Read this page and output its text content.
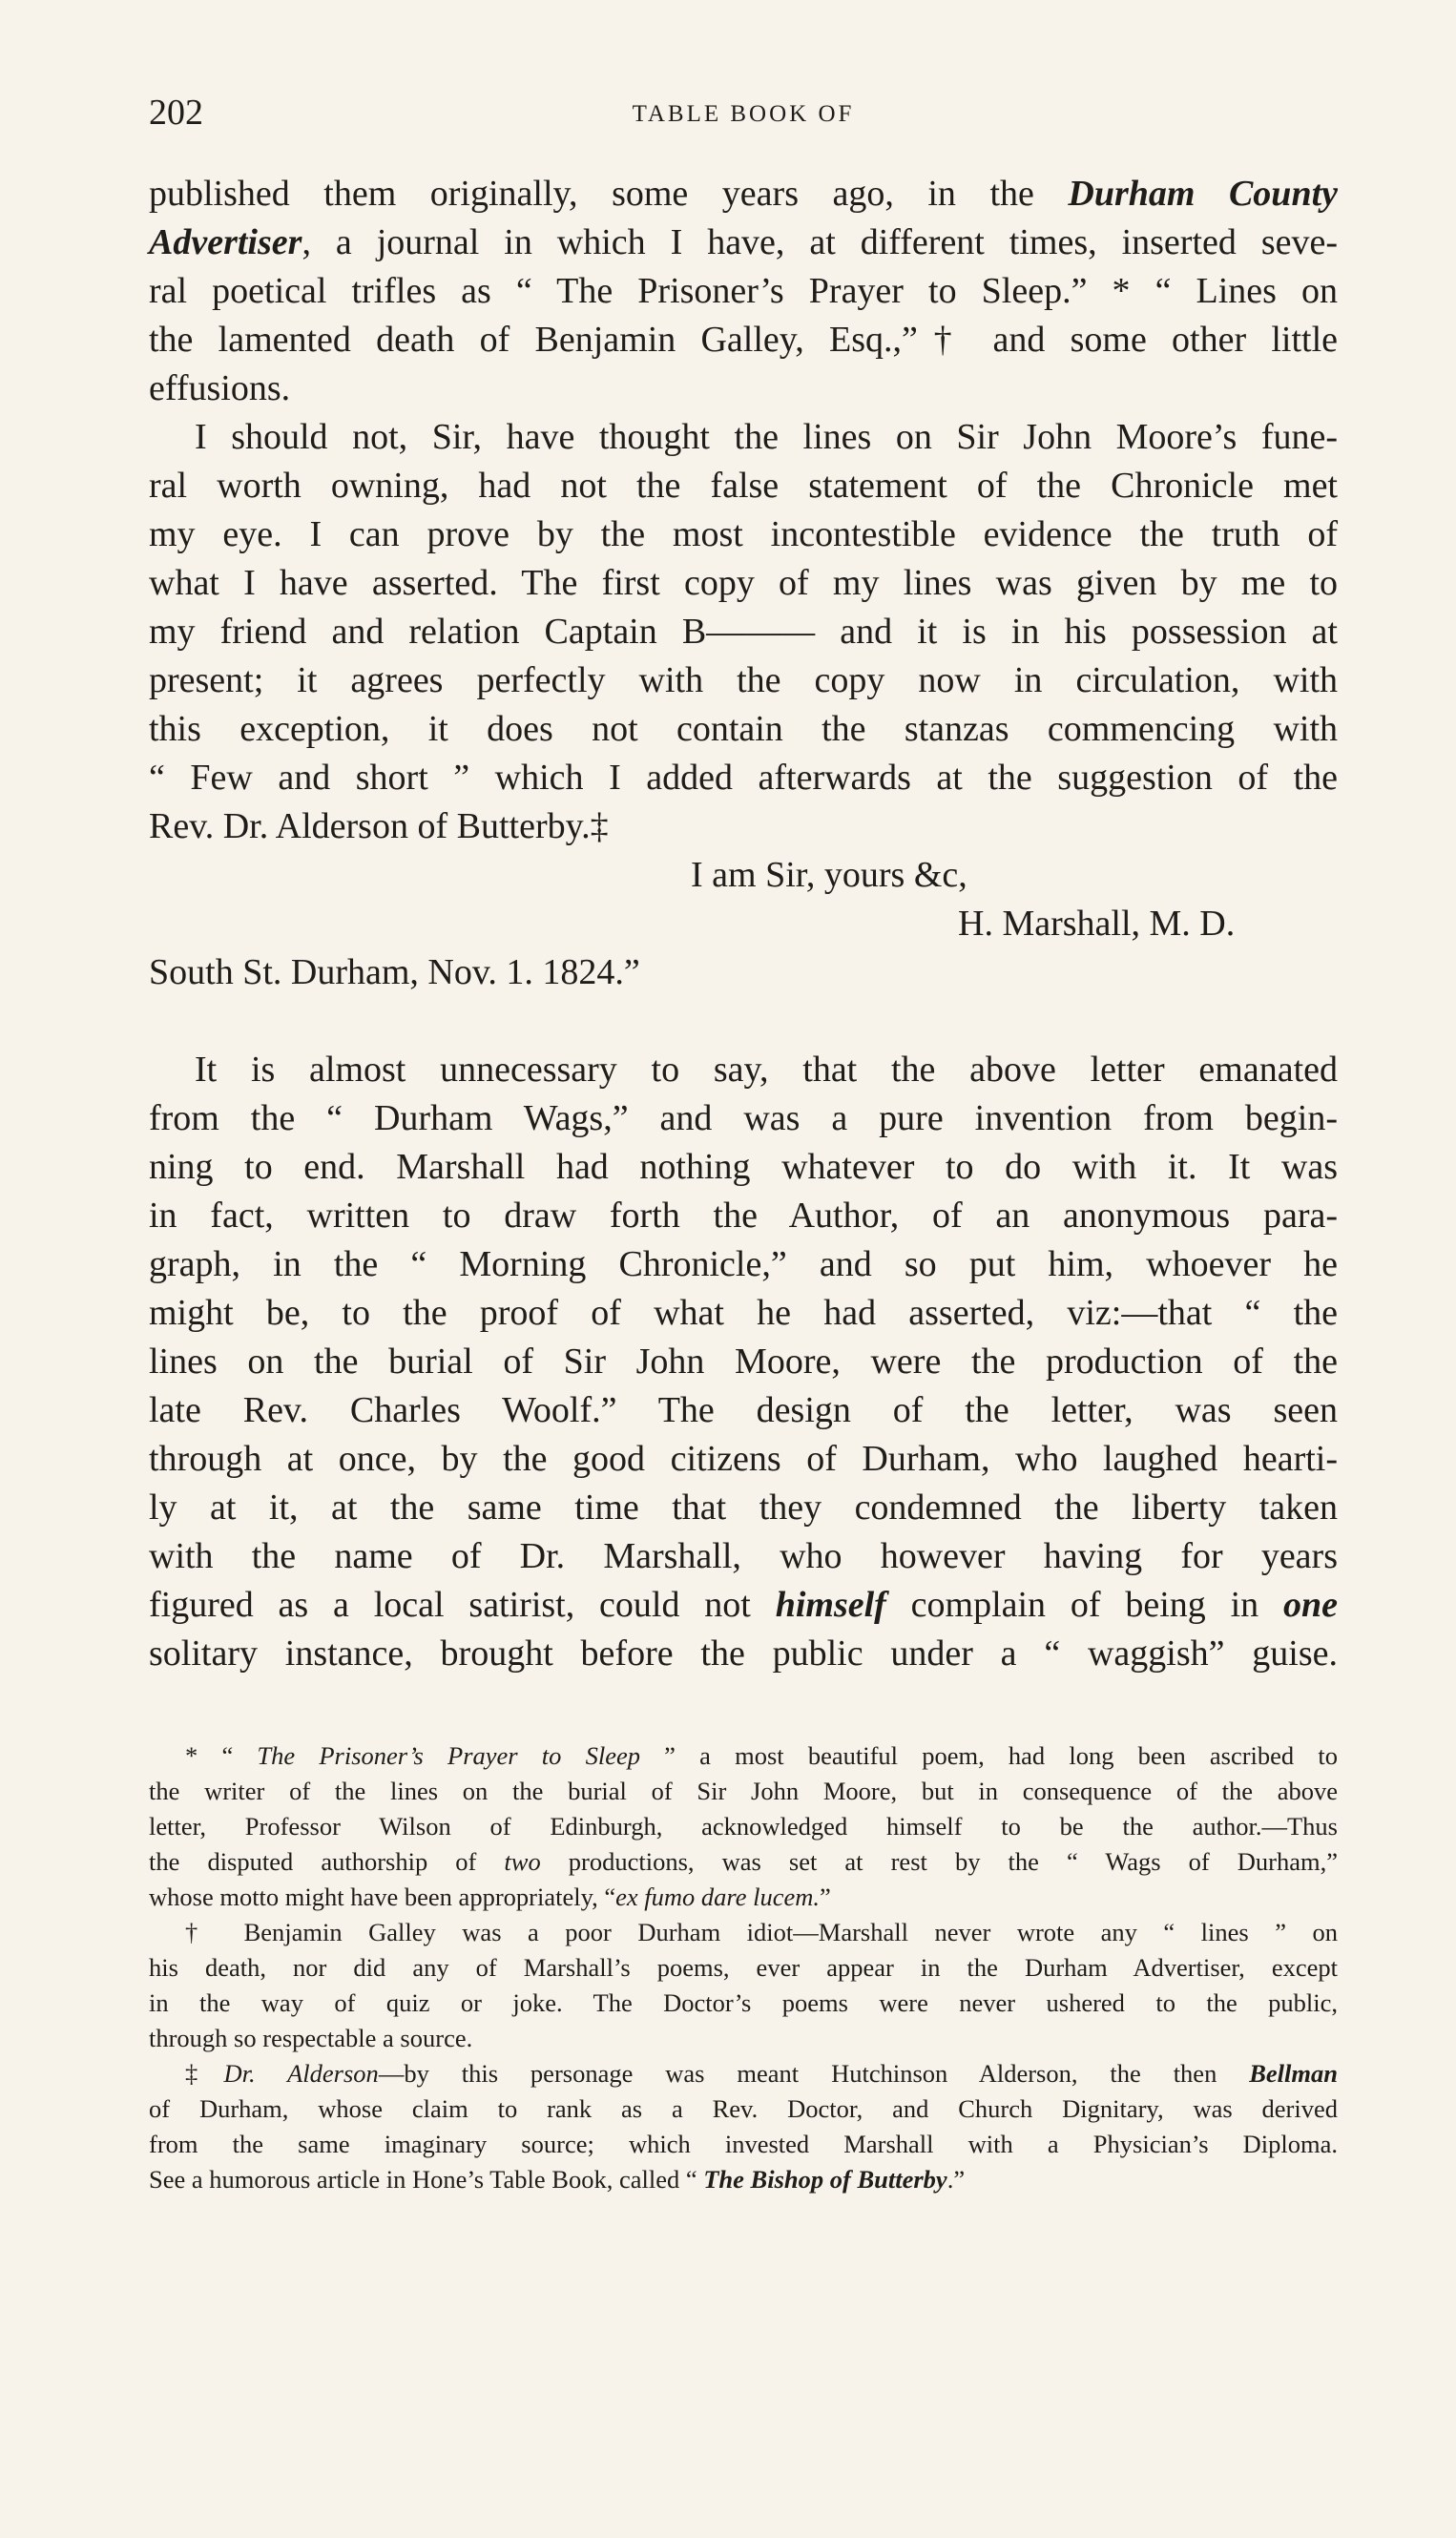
202	TABLE BOOK OF
published them originally, some years ago, in the Durham County
Advertiser, a journal in which I have, at different times, inserted seve-
ral poetical trifles as “ The Prisoner’s Prayer to Sleep.” * “ Lines on
the lamented death of Benjamin Galley, Esq.,”† and some other little
effusions.
I should not, Sir, have thought the lines on Sir John Moore’s fune-
ral worth owning, had not the false statement of the Chronicle met
my eye. I can prove by the most incontestible evidence the truth of
what I have asserted. The first copy of my lines was given by me to
my friend and relation Captain B——— and it is in his possession at
present; it agrees perfectly with the copy now in circulation, with
this exception, it does not contain the stanzas commencing with
“ Few and short ” which I added afterwards at the suggestion of the
Rev. Dr. Alderson of Butterby.‡
I am Sir, yours &c,
H. Marshall, M. D.
South St. Durham, Nov. 1. 1824.”
It is almost unnecessary to say, that the above letter emanated
from the “ Durham Wags,” and was a pure invention from begin-
ning to end. Marshall had nothing whatever to do with it. It was
in fact, written to draw forth the Author, of an anonymous para-
graph, in the “ Morning Chronicle,” and so put him, whoever he
might be, to the proof of what he had asserted, viz:—that “ the
lines on the burial of Sir John Moore, were the production of the
late Rev. Charles Woolf.” The design of the letter, was seen
through at once, by the good citizens of Durham, who laughed hearti-
ly at it, at the same time that they condemned the liberty taken
with the name of Dr. Marshall, who however having for years
figured as a local satirist, could not himself complain of being in one
solitary instance, brought before the public under a “ waggish” guise.
* “ The Prisoner’s Prayer to Sleep ” a most beautiful poem, had long been ascribed to
the writer of the lines on the burial of Sir John Moore, but in consequence of the above
letter, Professor Wilson of Edinburgh, acknowledged himself to be the author.—Thus
the disputed authorship of two productions, was set at rest by the “ Wags of Durham,”
whose motto might have been appropriately, “ex fumo dare lucem.”
† Benjamin Galley was a poor Durham idiot—Marshall never wrote any “ lines ” on
his death, nor did any of Marshall’s poems, ever appear in the Durham Advertiser, except
in the way of quiz or joke. The Doctor’s poems were never ushered to the public,
through so respectable a source.
‡Dr. Alderson—by this personage was meant Hutchinson Alderson, the then Bellman
of Durham, whose claim to rank as a Rev. Doctor, and Church Dignitary, was derived
from the same imaginary source; which invested Marshall with a Physician’s Diploma.
See a humorous article in Hone’s Table Book, called “ The Bishop of Butterby.”
